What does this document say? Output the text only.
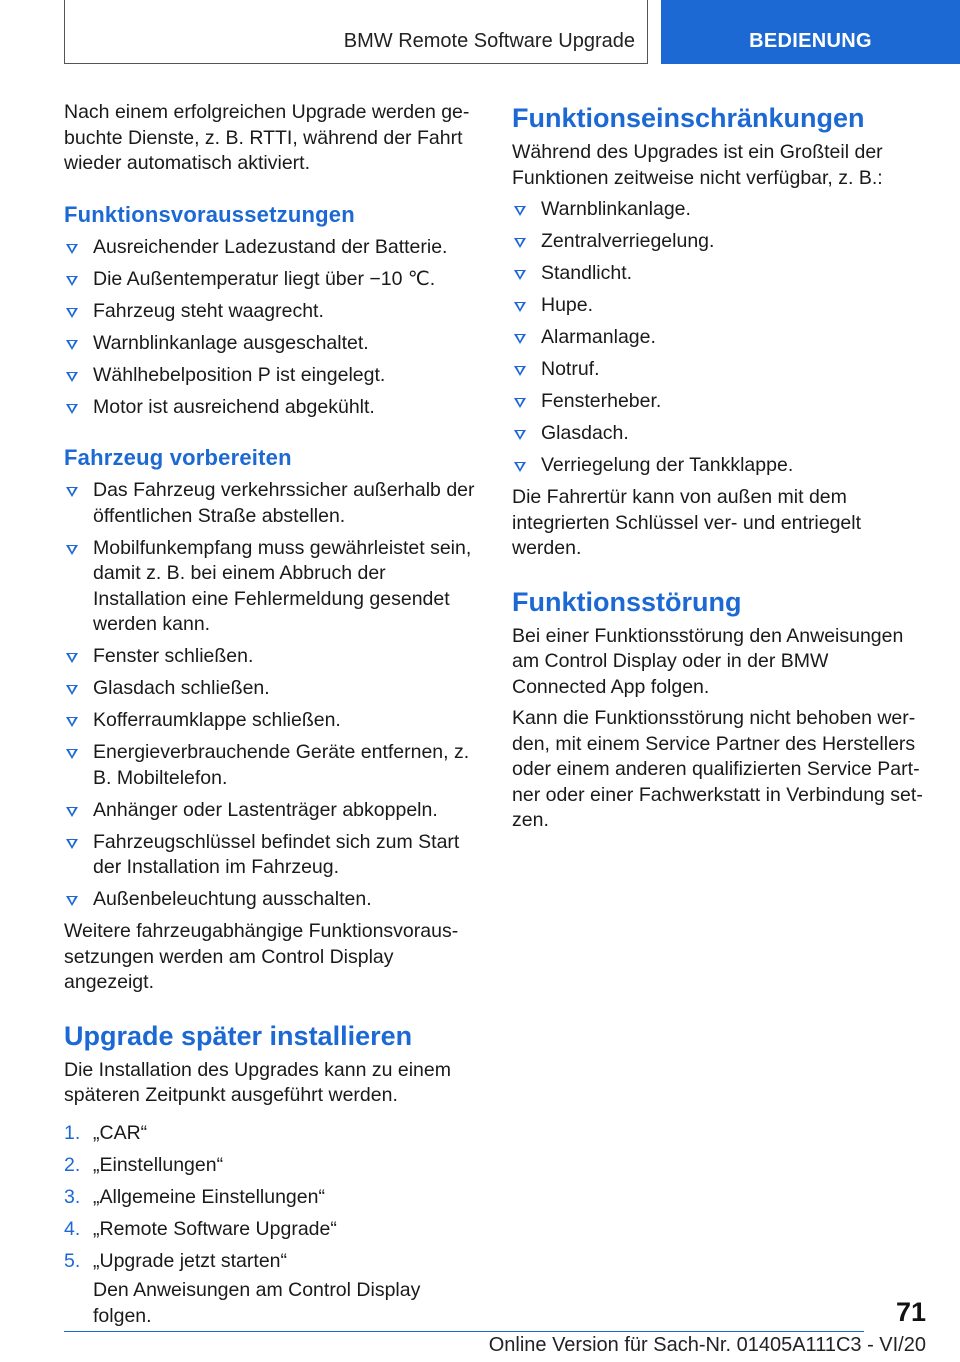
BMW Remote Software Upgrade	BEDIENUNG

Nach einem erfolgreichen Upgrade werden gebuchte Dienste, z. B. RTTI, während der Fahrt wieder automatisch aktiviert.

Funktionsvoraussetzungen
Ausreichender Ladezustand der Batterie.
Die Außentemperatur liegt über −10 ℃.
Fahrzeug steht waagrecht.
Warnblinkanlage ausgeschaltet.
Wählhebelposition P ist eingelegt.
Motor ist ausreichend abgekühlt.
Fahrzeug vorbereiten
Das Fahrzeug verkehrssicher außerhalb der öffentlichen Straße abstellen.
Mobilfunkempfang muss gewährleistet sein, damit z. B. bei einem Abbruch der Installation eine Fehlermeldung gesendet werden kann.
Fenster schließen.
Glasdach schließen.
Kofferraumklappe schließen.
Energieverbrauchende Geräte entfernen, z. B. Mobiltelefon.
Anhänger oder Lastenträger abkoppeln.
Fahrzeugschlüssel befindet sich zum Start der Installation im Fahrzeug.
Außenbeleuchtung ausschalten.

Weitere fahrzeugabhängige Funktionsvoraussetzungen werden am Control Display angezeigt.

Upgrade später installieren

Die Installation des Upgrades kann zu einem späteren Zeitpunkt ausgeführt werden.

1. „CAR“
2. „Einstellungen“
3. „Allgemeine Einstellungen“
4. „Remote Software Upgrade“
5. „Upgrade jetzt starten“

Den Anweisungen am Control Display folgen.

Funktionseinschränkungen

Während des Upgrades ist ein Großteil der Funktionen zeitweise nicht verfügbar, z. B.:

Warnblinkanlage.
Zentralverriegelung.
Standlicht.
Hupe.
Alarmanlage.
Notruf.
Fensterheber.
Glasdach.
Verriegelung der Tankklappe.

Die Fahrertür kann von außen mit dem integrierten Schlüssel ver- und entriegelt werden.

Funktionsstörung

Bei einer Funktionsstörung den Anweisungen am Control Display oder in der BMW Connected App folgen.

Kann die Funktionsstörung nicht behoben werden, mit einem Service Partner des Herstellers oder einem anderen qualifizierten Service Partner oder einer Fachwerkstatt in Verbindung setzen.

71
Online Version für Sach-Nr. 01405A111C3 - VI/20
